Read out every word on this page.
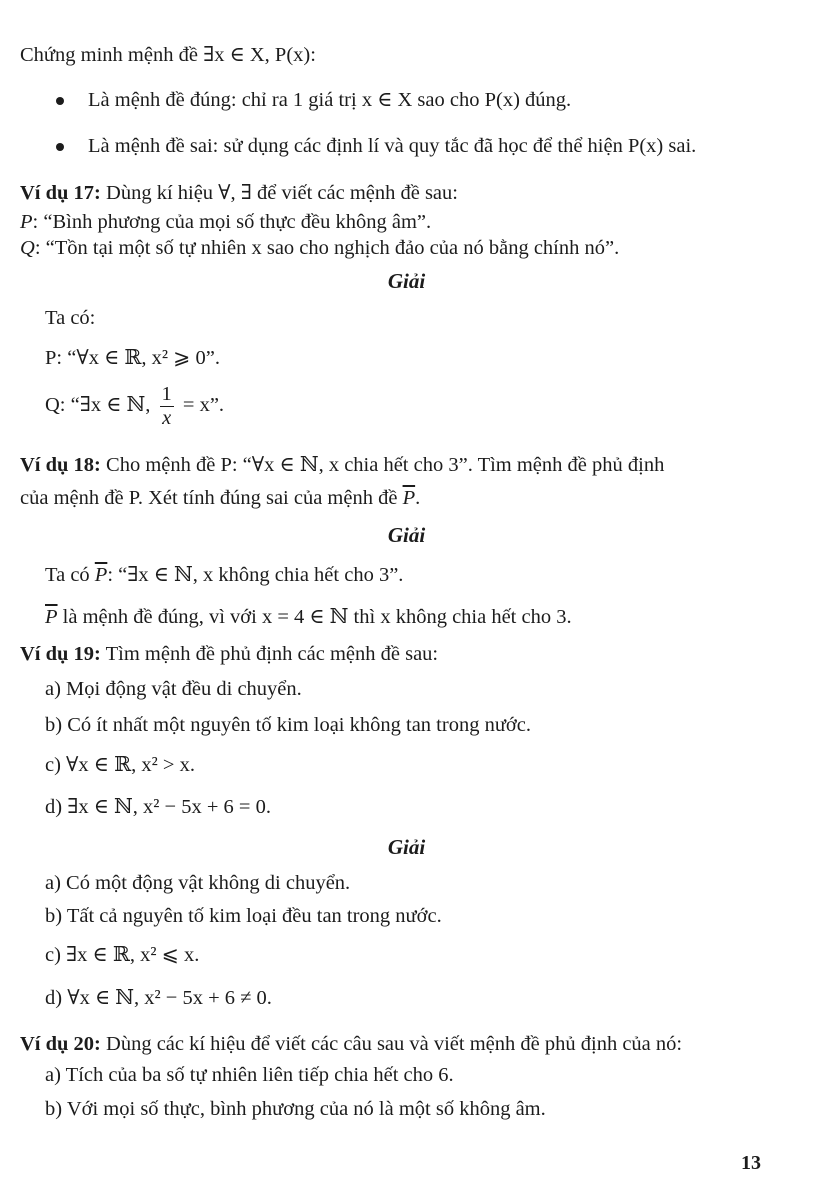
Chứng minh mệnh đề ∃x ∈ X, P(x):
Là mệnh đề đúng: chỉ ra 1 giá trị x ∈ X sao cho P(x) đúng.
Là mệnh đề sai: sử dụng các định lí và quy tắc đã học để thể hiện P(x) sai.
Ví dụ 17: Dùng kí hiệu ∀, ∃ để viết các mệnh đề sau:
P: “Bình phương của mọi số thực đều không âm”.
Q: “Tồn tại một số tự nhiên x sao cho nghịch đảo của nó bằng chính nó”.
Giải
Ta có:
P: “∀x ∈ ℝ, x² ⩾ 0”.
Q: “∃x ∈ ℕ, $\frac{1}{x} = x$”.
Ví dụ 18: Cho mệnh đề P: “∀x ∈ ℕ, x chia hết cho 3”. Tìm mệnh đề phủ định
của mệnh đề P. Xét tính đúng sai của mệnh đề $\overline{P}$.
Giải
Ta có $\overline{P}$: “∃x ∈ ℕ, x không chia hết cho 3”.
$\overline{P}$ là mệnh đề đúng, vì với x = 4 ∈ ℕ thì x không chia hết cho 3.
Ví dụ 19: Tìm mệnh đề phủ định các mệnh đề sau:
a) Mọi động vật đều di chuyển.
b) Có ít nhất một nguyên tố kim loại không tan trong nước.
c) ∀x ∈ ℝ, x² > x.
d) ∃x ∈ ℕ, x² − 5x + 6 = 0.
Giải
a) Có một động vật không di chuyển.
b) Tất cả nguyên tố kim loại đều tan trong nước.
c) ∃x ∈ ℝ, x² ⩽ x.
d) ∀x ∈ ℕ, x² − 5x + 6 ≠ 0.
Ví dụ 20: Dùng các kí hiệu để viết các câu sau và viết mệnh đề phủ định của nó:
a) Tích của ba số tự nhiên liên tiếp chia hết cho 6.
b) Với mọi số thực, bình phương của nó là một số không âm.
13
